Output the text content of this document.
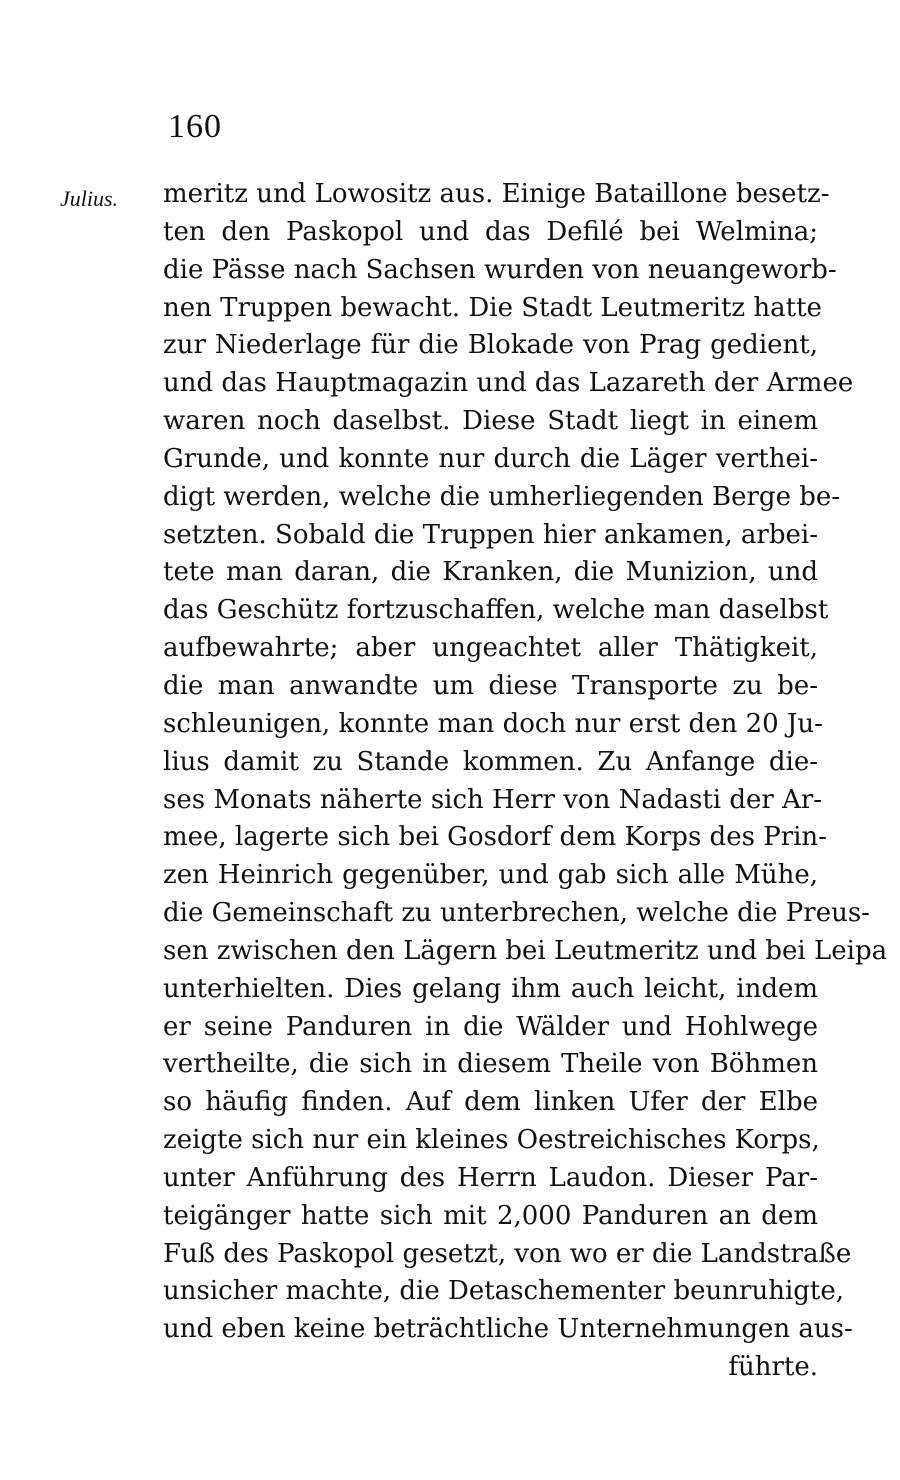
160
Julius. meritz und Lowositz aus. Einige Bataillone besetz-
ten den Paskopol und das Defilé bei Welmina;
die Pässe nach Sachsen wurden von neuangeworb-
nen Truppen bewacht. Die Stadt Leutmeritz hatte
zur Niederlage für die Blokade von Prag gedient,
und das Hauptmagazin und das Lazareth der Armee
waren noch daselbst. Diese Stadt liegt in einem
Grunde, und konnte nur durch die Läger verthei-
digt werden, welche die umherliegenden Berge be-
setzten. Sobald die Truppen hier ankamen, arbei-
tete man daran, die Kranken, die Munizion, und
das Geschütz fortzuschaffen, welche man daselbst
aufbewahrte; aber ungeachtet aller Thätigkeit,
die man anwandte um diese Transporte zu be-
schleunigen, konnte man doch nur erst den 20 Ju-
lius damit zu Stande kommen. Zu Anfange die-
ses Monats näherte sich Herr von Nadasti der Ar-
mee, lagerte sich bei Gosdorf dem Korps des Prin-
zen Heinrich gegenüber, und gab sich alle Mühe,
die Gemeinschaft zu unterbrechen, welche die Preus-
sen zwischen den Lägern bei Leutmeritz und bei Leipa
unterhielten. Dies gelang ihm auch leicht, indem
er seine Panduren in die Wälder und Hohlwege
vertheilte, die sich in diesem Theile von Böhmen
so häufig finden. Auf dem linken Ufer der Elbe
zeigte sich nur ein kleines Oestreichisches Korps,
unter Anführung des Herrn Laudon. Dieser Par-
teigänger hatte sich mit 2,000 Panduren an dem
Fuß des Paskopol gesetzt, von wo er die Landstraße
unsicher machte, die Detaschementer beunruhigte,
und eben keine beträchtliche Unternehmungen aus-
führte.
